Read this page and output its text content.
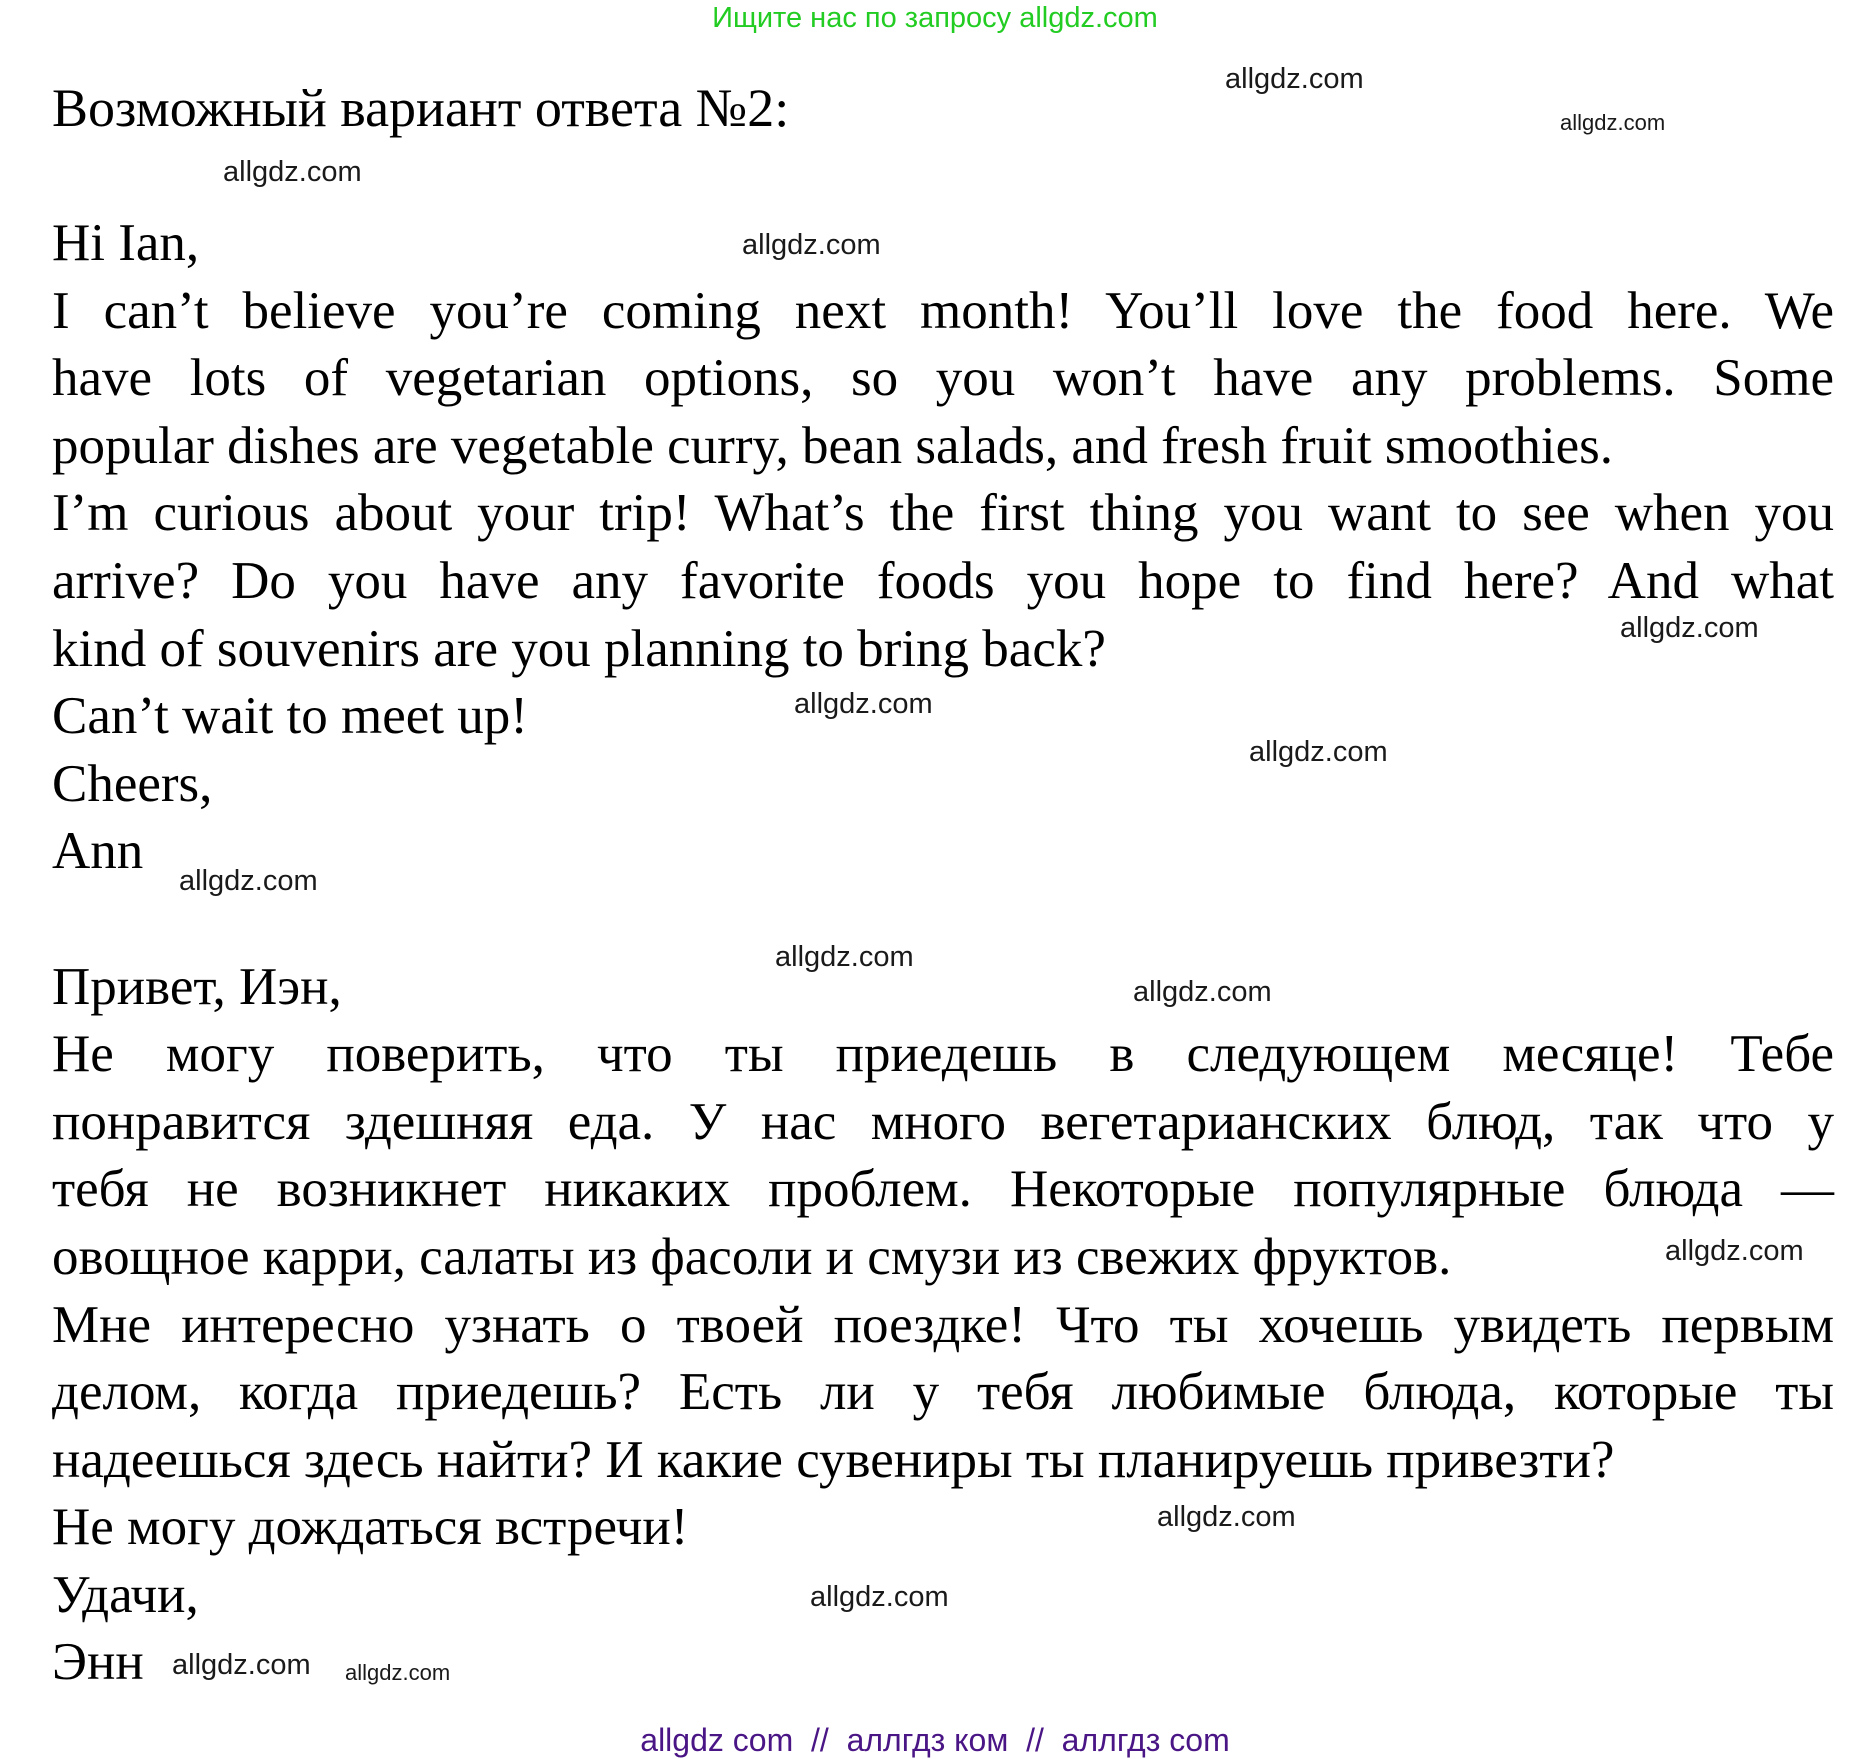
Ищите нас по запросу allgdz.com
Возможный вариант ответа №2:
Hi Ian,
I can’t believe you’re coming next month! You’ll love the food here. We
have lots of vegetarian options, so you won’t have any problems. Some
popular dishes are vegetable curry, bean salads, and fresh fruit smoothies.
I’m curious about your trip! What’s the first thing you want to see when you
arrive? Do you have any favorite foods you hope to find here? And what
kind of souvenirs are you planning to bring back?
Can’t wait to meet up!
Cheers,
Ann
Привет, Иэн,
Не могу поверить, что ты приедешь в следующем месяце! Тебе
понравится здешняя еда. У нас много вегетарианских блюд, так что у
тебя не возникнет никаких проблем. Некоторые популярные блюда —
овощное карри, салаты из фасоли и смузи из свежих фруктов.
Мне интересно узнать о твоей поездке! Что ты хочешь увидеть первым
делом, когда приедешь? Есть ли у тебя любимые блюда, которые ты
надеешься здесь найти? И какие сувениры ты планируешь привезти?
Не могу дождаться встречи!
Удачи,
Энн
allgdz.com
allgdz.com
allgdz.com
allgdz.com
allgdz.com
allgdz.com
allgdz.com
allgdz.com
allgdz.com
allgdz.com
allgdz.com
allgdz.com
allgdz.com
allgdz.com
allgdz.com
allgdz com  //  аллгдз ком  //  аллгдз com
